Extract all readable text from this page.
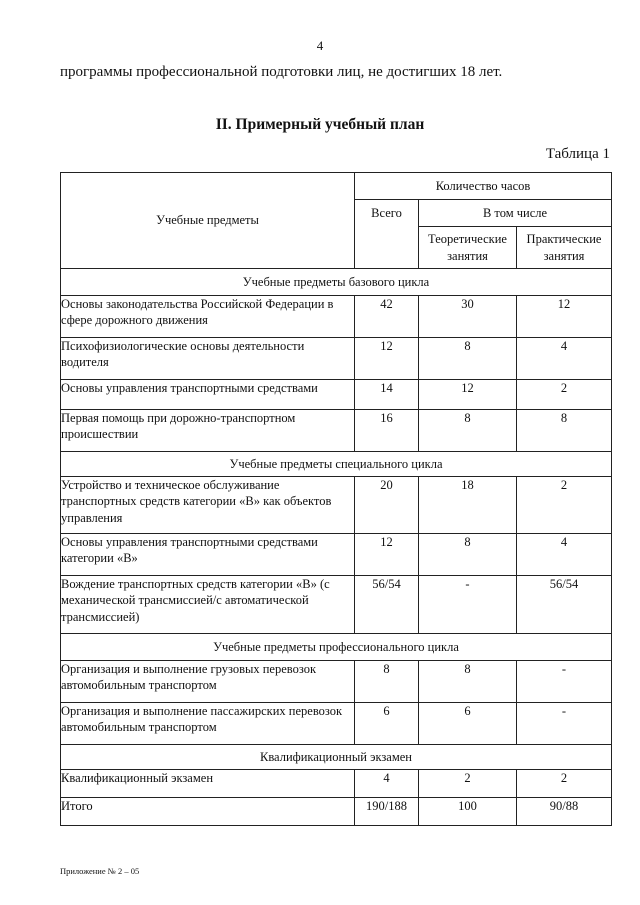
4
программы профессиональной подготовки лиц, не достигших 18 лет.
II. Примерный учебный план
Таблица 1
Учебные предметы	Количество часов		
	Всего	В том числе	
		Теоретические занятия	Практические занятия
Учебные предметы базового цикла			
Основы законодательства Российской Федерации в сфере дорожного движения	42	30	12
Психофизиологические основы деятельности водителя	12	8	4
Основы управления транспортными средствами	14	12	2
Первая помощь при дорожно-транспортном происшествии	16	8	8
Учебные предметы специального цикла			
Устройство и техническое обслуживание транспортных средств категории «В» как объектов управления	20	18	2
Основы управления транспортными средствами категории «В»	12	8	4
Вождение транспортных средств категории «В» (с механической трансмиссией/с автоматической трансмиссией)	56/54	-	56/54
Учебные предметы профессионального цикла			
Организация и выполнение грузовых перевозок автомобильным транспортом	8	8	-
Организация и выполнение пассажирских перевозок автомобильным транспортом	6	6	-
Квалификационный экзамен			
Квалификационный экзамен	4	2	2
Итого	190/188	100	90/88
Приложение № 2 – 05
